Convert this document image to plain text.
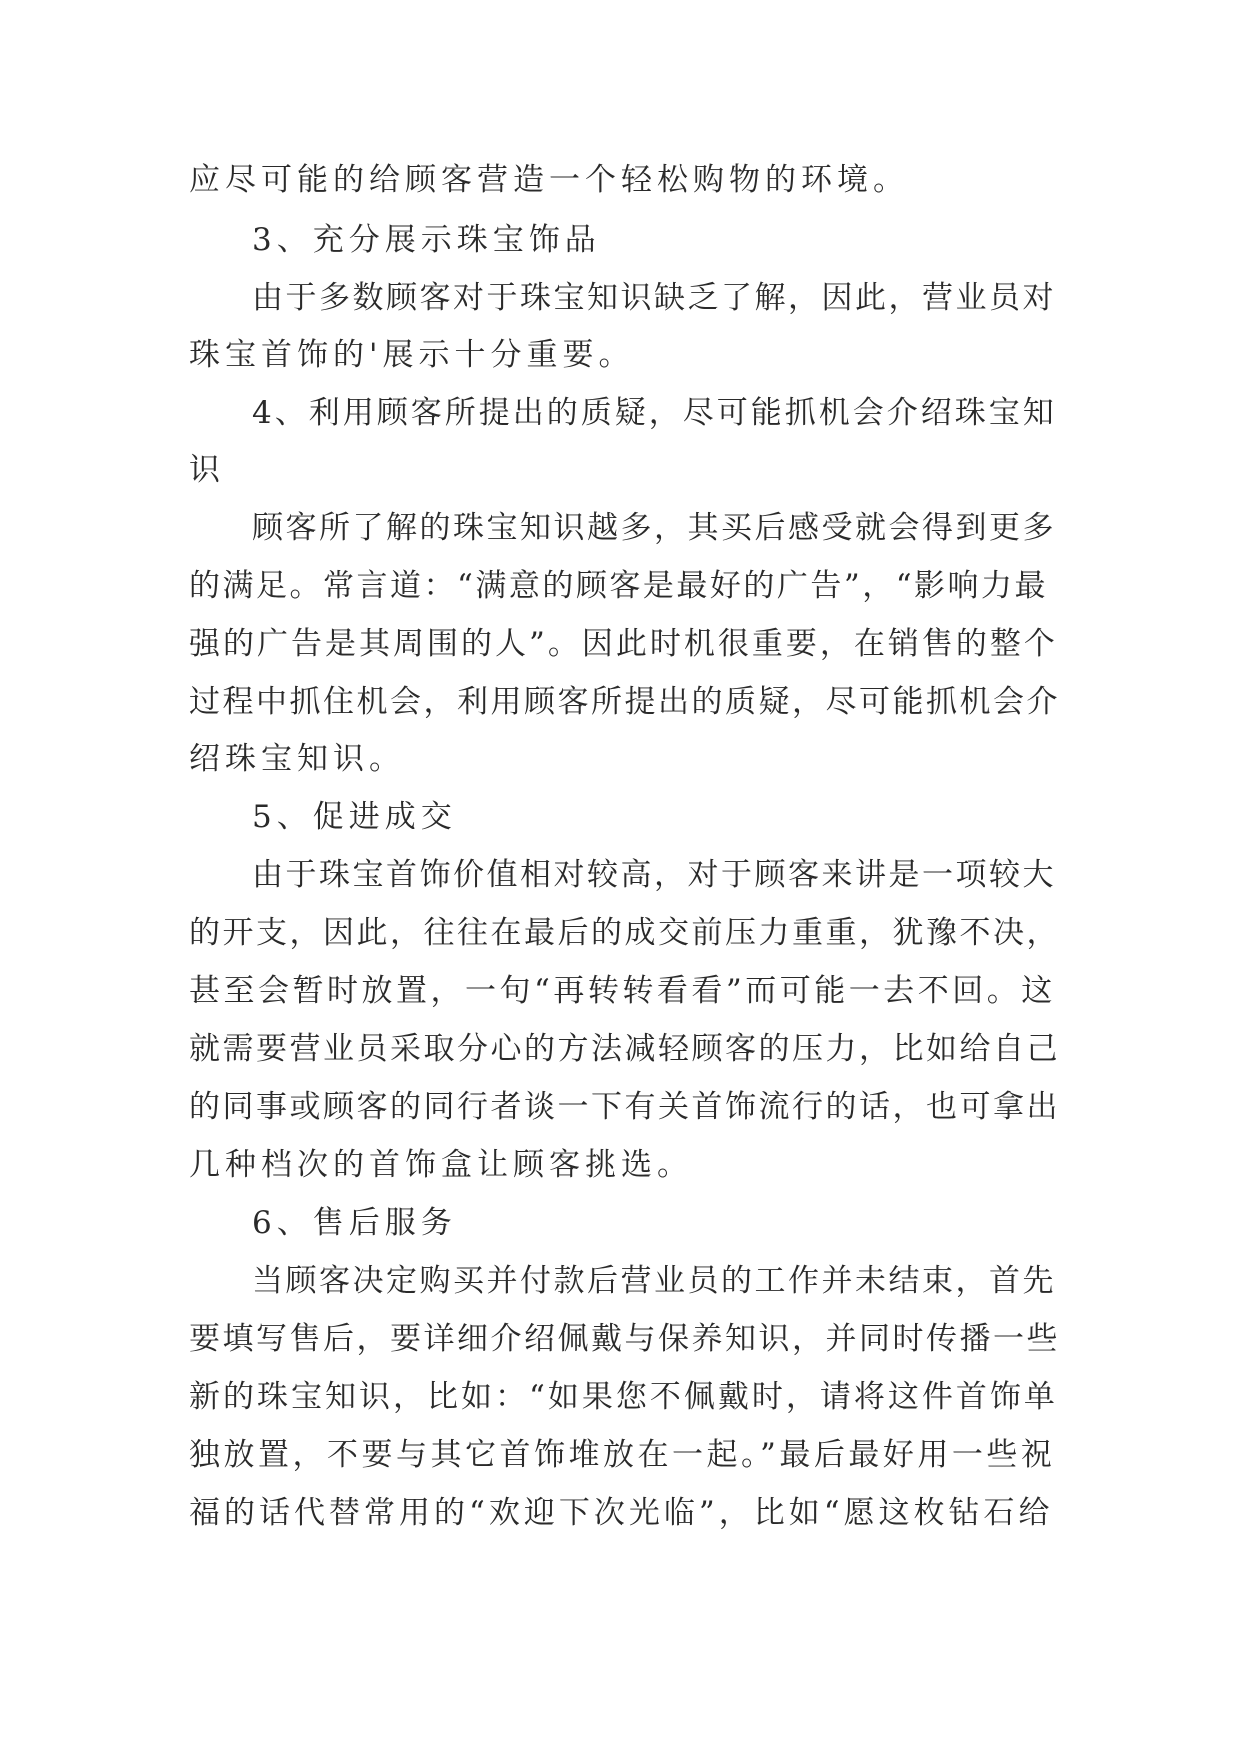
应尽可能的给顾客营造一个轻松购物的环境。
3、充分展示珠宝饰品
由于多数顾客对于珠宝知识缺乏了解，因此，营业员对
珠宝首饰的'展示十分重要。
4、利用顾客所提出的质疑，尽可能抓机会介绍珠宝知
识
顾客所了解的珠宝知识越多，其买后感受就会得到更多
的满足。常言道：“满意的顾客是最好的广告”，“影响力最
强的广告是其周围的人”。因此时机很重要，在销售的整个
过程中抓住机会，利用顾客所提出的质疑，尽可能抓机会介
绍珠宝知识。
5、促进成交
由于珠宝首饰价值相对较高，对于顾客来讲是一项较大
的开支，因此，往往在最后的成交前压力重重，犹豫不决，
甚至会暂时放置，一句“再转转看看”而可能一去不回。这
就需要营业员采取分心的方法减轻顾客的压力，比如给自己
的同事或顾客的同行者谈一下有关首饰流行的话，也可拿出
几种档次的首饰盒让顾客挑选。
6、售后服务
当顾客决定购买并付款后营业员的工作并未结束，首先
要填写售后，要详细介绍佩戴与保养知识，并同时传播一些
新的珠宝知识，比如：“如果您不佩戴时，请将这件首饰单
独放置，不要与其它首饰堆放在一起。”最后最好用一些祝
福的话代替常用的“欢迎下次光临”，比如“愿这枚钻石给
